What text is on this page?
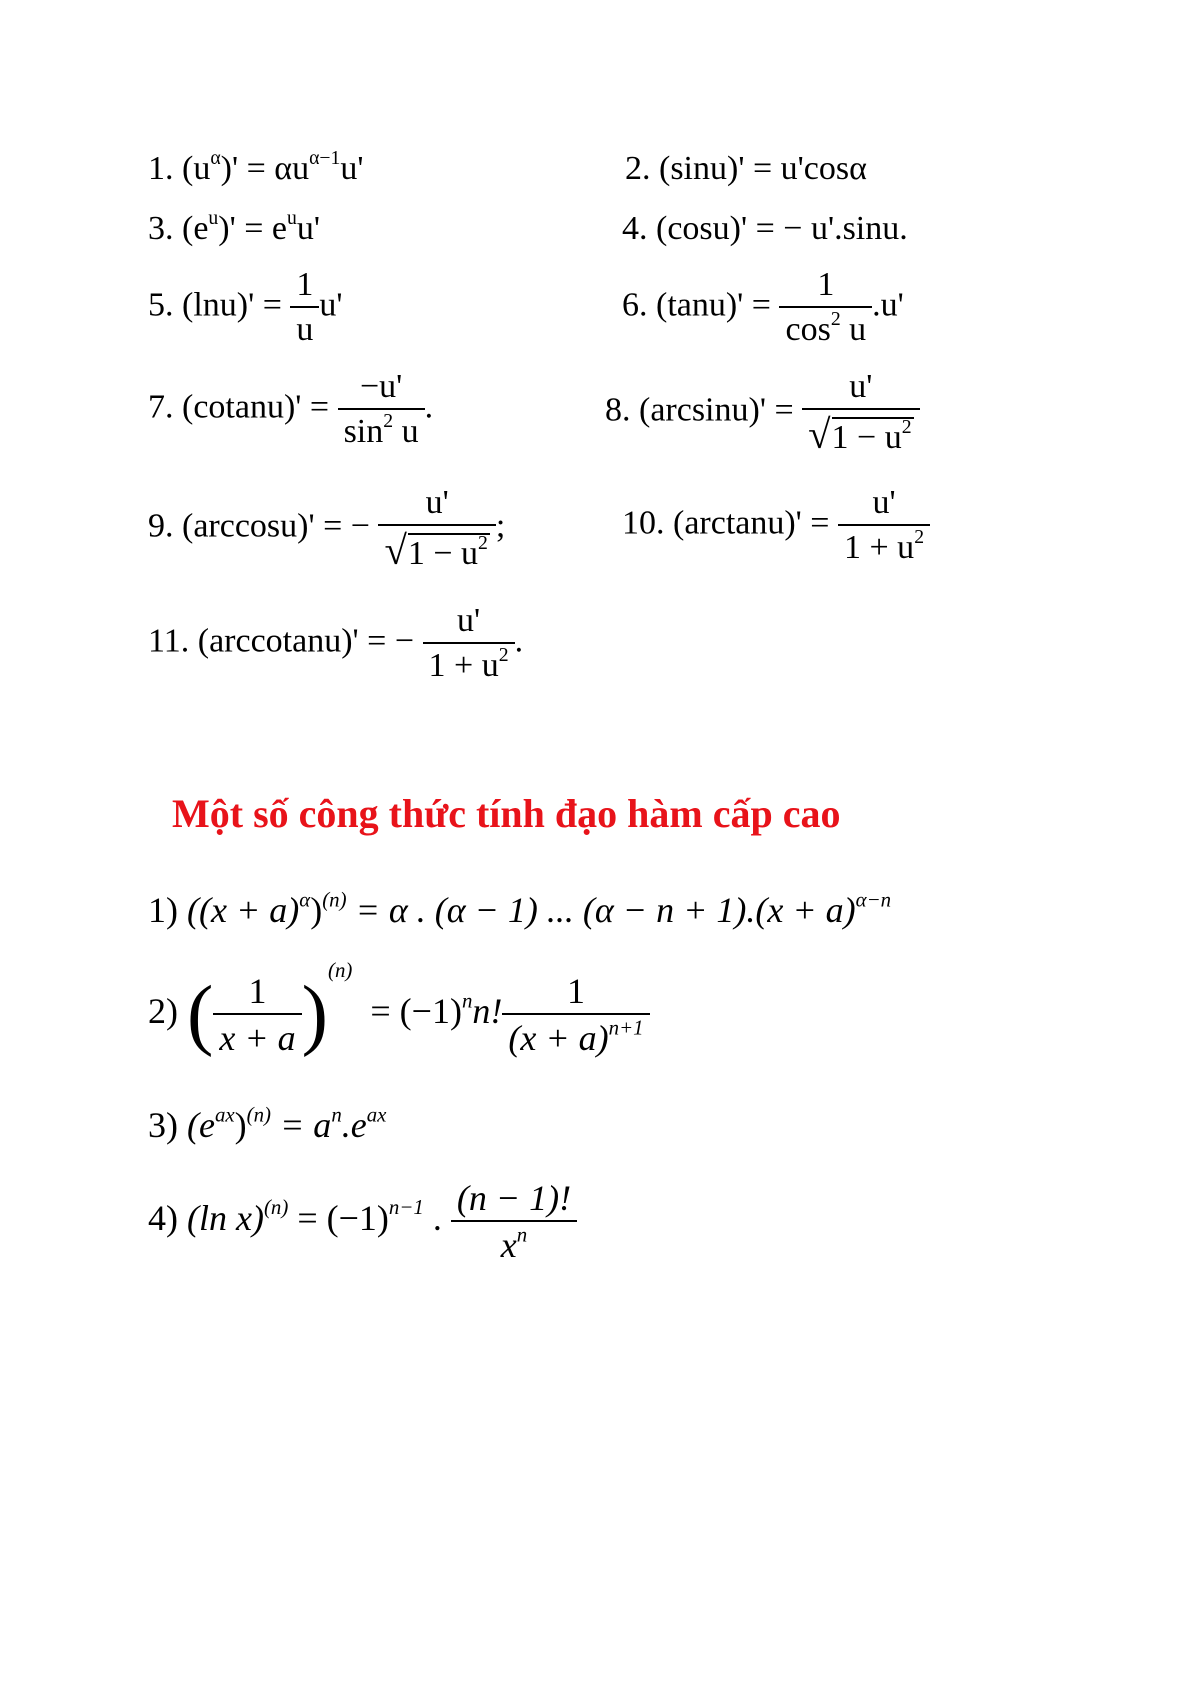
1. $(u^\alpha)' = \alpha u^{\alpha-1}u'$	2. (sinu)' = u'cosα
3. $(e^u)' = e^uu'$	4. (cosu)' = − u'.sinu.
5. $(\ln u)' = \frac{1}{u} u'$	6. $(\tan u)' = \frac{1}{\cos^2 u} .u'$
7. $(cotanu)' = \frac{-u'}{\sin^2 u}$ .	8. $(\arcsin u)' = \frac{u'}{√1 - u^2}$
9. (arccosu)' = − $\frac{u'}{√1 - u^2}$ ;	10. $(\arctan u)' = \frac{u'}{1 + u^2}$
11. (arccotanu)' = − $\frac{u'}{1 + u^2}$ .
Một số công thức tính đạo hàm cấp cao
1) $((x + a)^\alpha)^{(n)} = \alpha$ . (α − 1) ... $(\alpha - n + 1).(x + a)^{\alpha-n}$
2) ( $\frac{1}{x + a} )^{(n)} = (-1)^nn$! $\frac{1}{(x + a)^{n+1}}$
3) $(e^{ax})^{(n)} = a^n.e^{ax}$
4) (ln $x)^{(n)} = (-1)^{n-1}$ . $\frac{(n - 1)!}{x^n}$
